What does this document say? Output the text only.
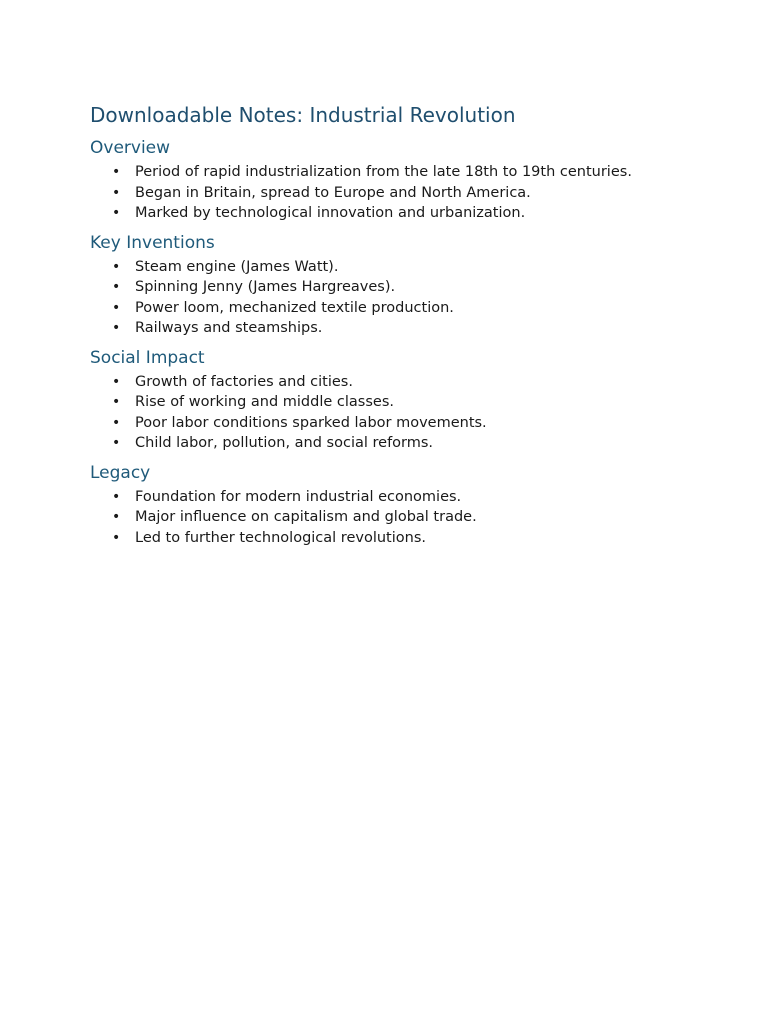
Downloadable Notes: Industrial Revolution
Overview
• Period of rapid industrialization from the late 18th to 19th centuries.
• Began in Britain, spread to Europe and North America.
• Marked by technological innovation and urbanization.
Key Inventions
• Steam engine (James Watt).
• Spinning Jenny (James Hargreaves).
• Power loom, mechanized textile production.
• Railways and steamships.
Social Impact
• Growth of factories and cities.
• Rise of working and middle classes.
• Poor labor conditions sparked labor movements.
• Child labor, pollution, and social reforms.
Legacy
• Foundation for modern industrial economies.
• Major influence on capitalism and global trade.
• Led to further technological revolutions.
